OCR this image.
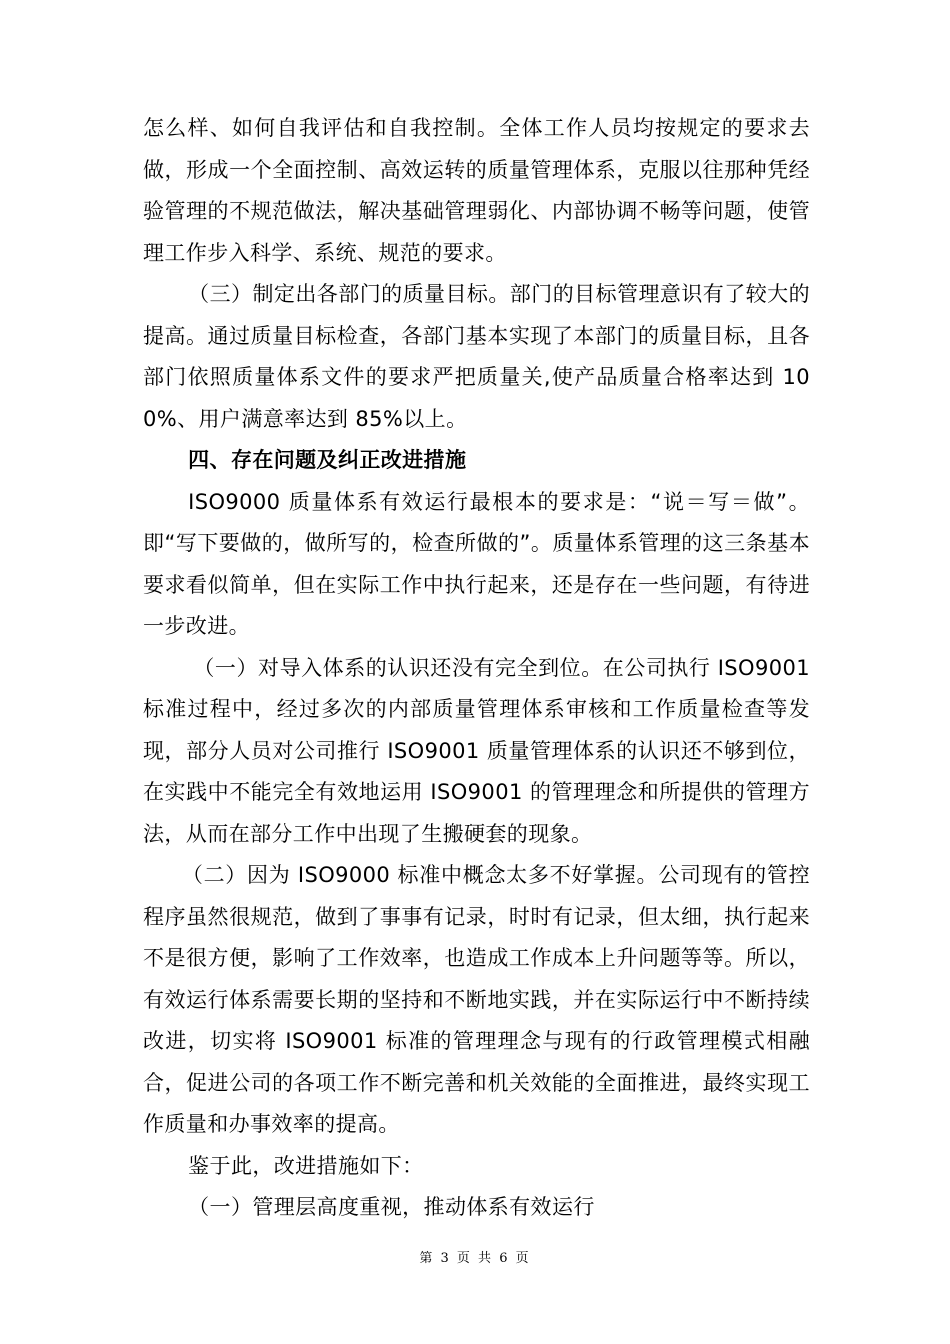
怎么样、如何自我评估和自我控制。全体工作人员均按规定的要求去做，形成一个全面控制、高效运转的质量管理体系，克服以往那种凭经验管理的不规范做法，解决基础管理弱化、内部协调不畅等问题，使管理工作步入科学、系统、规范的要求。

（三）制定出各部门的质量目标。部门的目标管理意识有了较大的提高。通过质量目标检查，各部门基本实现了本部门的质量目标，且各部门依照质量体系文件的要求严把质量关,使产品质量合格率达到 100%、用户满意率达到 85%以上。

四、存在问题及纠正改进措施

ISO9000 质量体系有效运行最根本的要求是：“说＝写＝做”。即“写下要做的，做所写的，检查所做的”。质量体系管理的这三条基本要求看似简单，但在实际工作中执行起来，还是存在一些问题，有待进一步改进。

（一）对导入体系的认识还没有完全到位。在公司执行 ISO9001 标准过程中，经过多次的内部质量管理体系审核和工作质量检查等发现，部分人员对公司推行 ISO9001 质量管理体系的认识还不够到位，在实践中不能完全有效地运用 ISO9001 的管理理念和所提供的管理方法，从而在部分工作中出现了生搬硬套的现象。

（二）因为 ISO9000 标准中概念太多不好掌握。公司现有的管控程序虽然很规范，做到了事事有记录，时时有记录，但太细，执行起来不是很方便，影响了工作效率，也造成工作成本上升问题等等。所以，有效运行体系需要长期的坚持和不断地实践，并在实际运行中不断持续改进，切实将 ISO9001 标准的管理理念与现有的行政管理模式相融合，促进公司的各项工作不断完善和机关效能的全面推进，最终实现工作质量和办事效率的提高。

鉴于此，改进措施如下：

（一）管理层高度重视，推动体系有效运行

第 3 页 共 6 页
